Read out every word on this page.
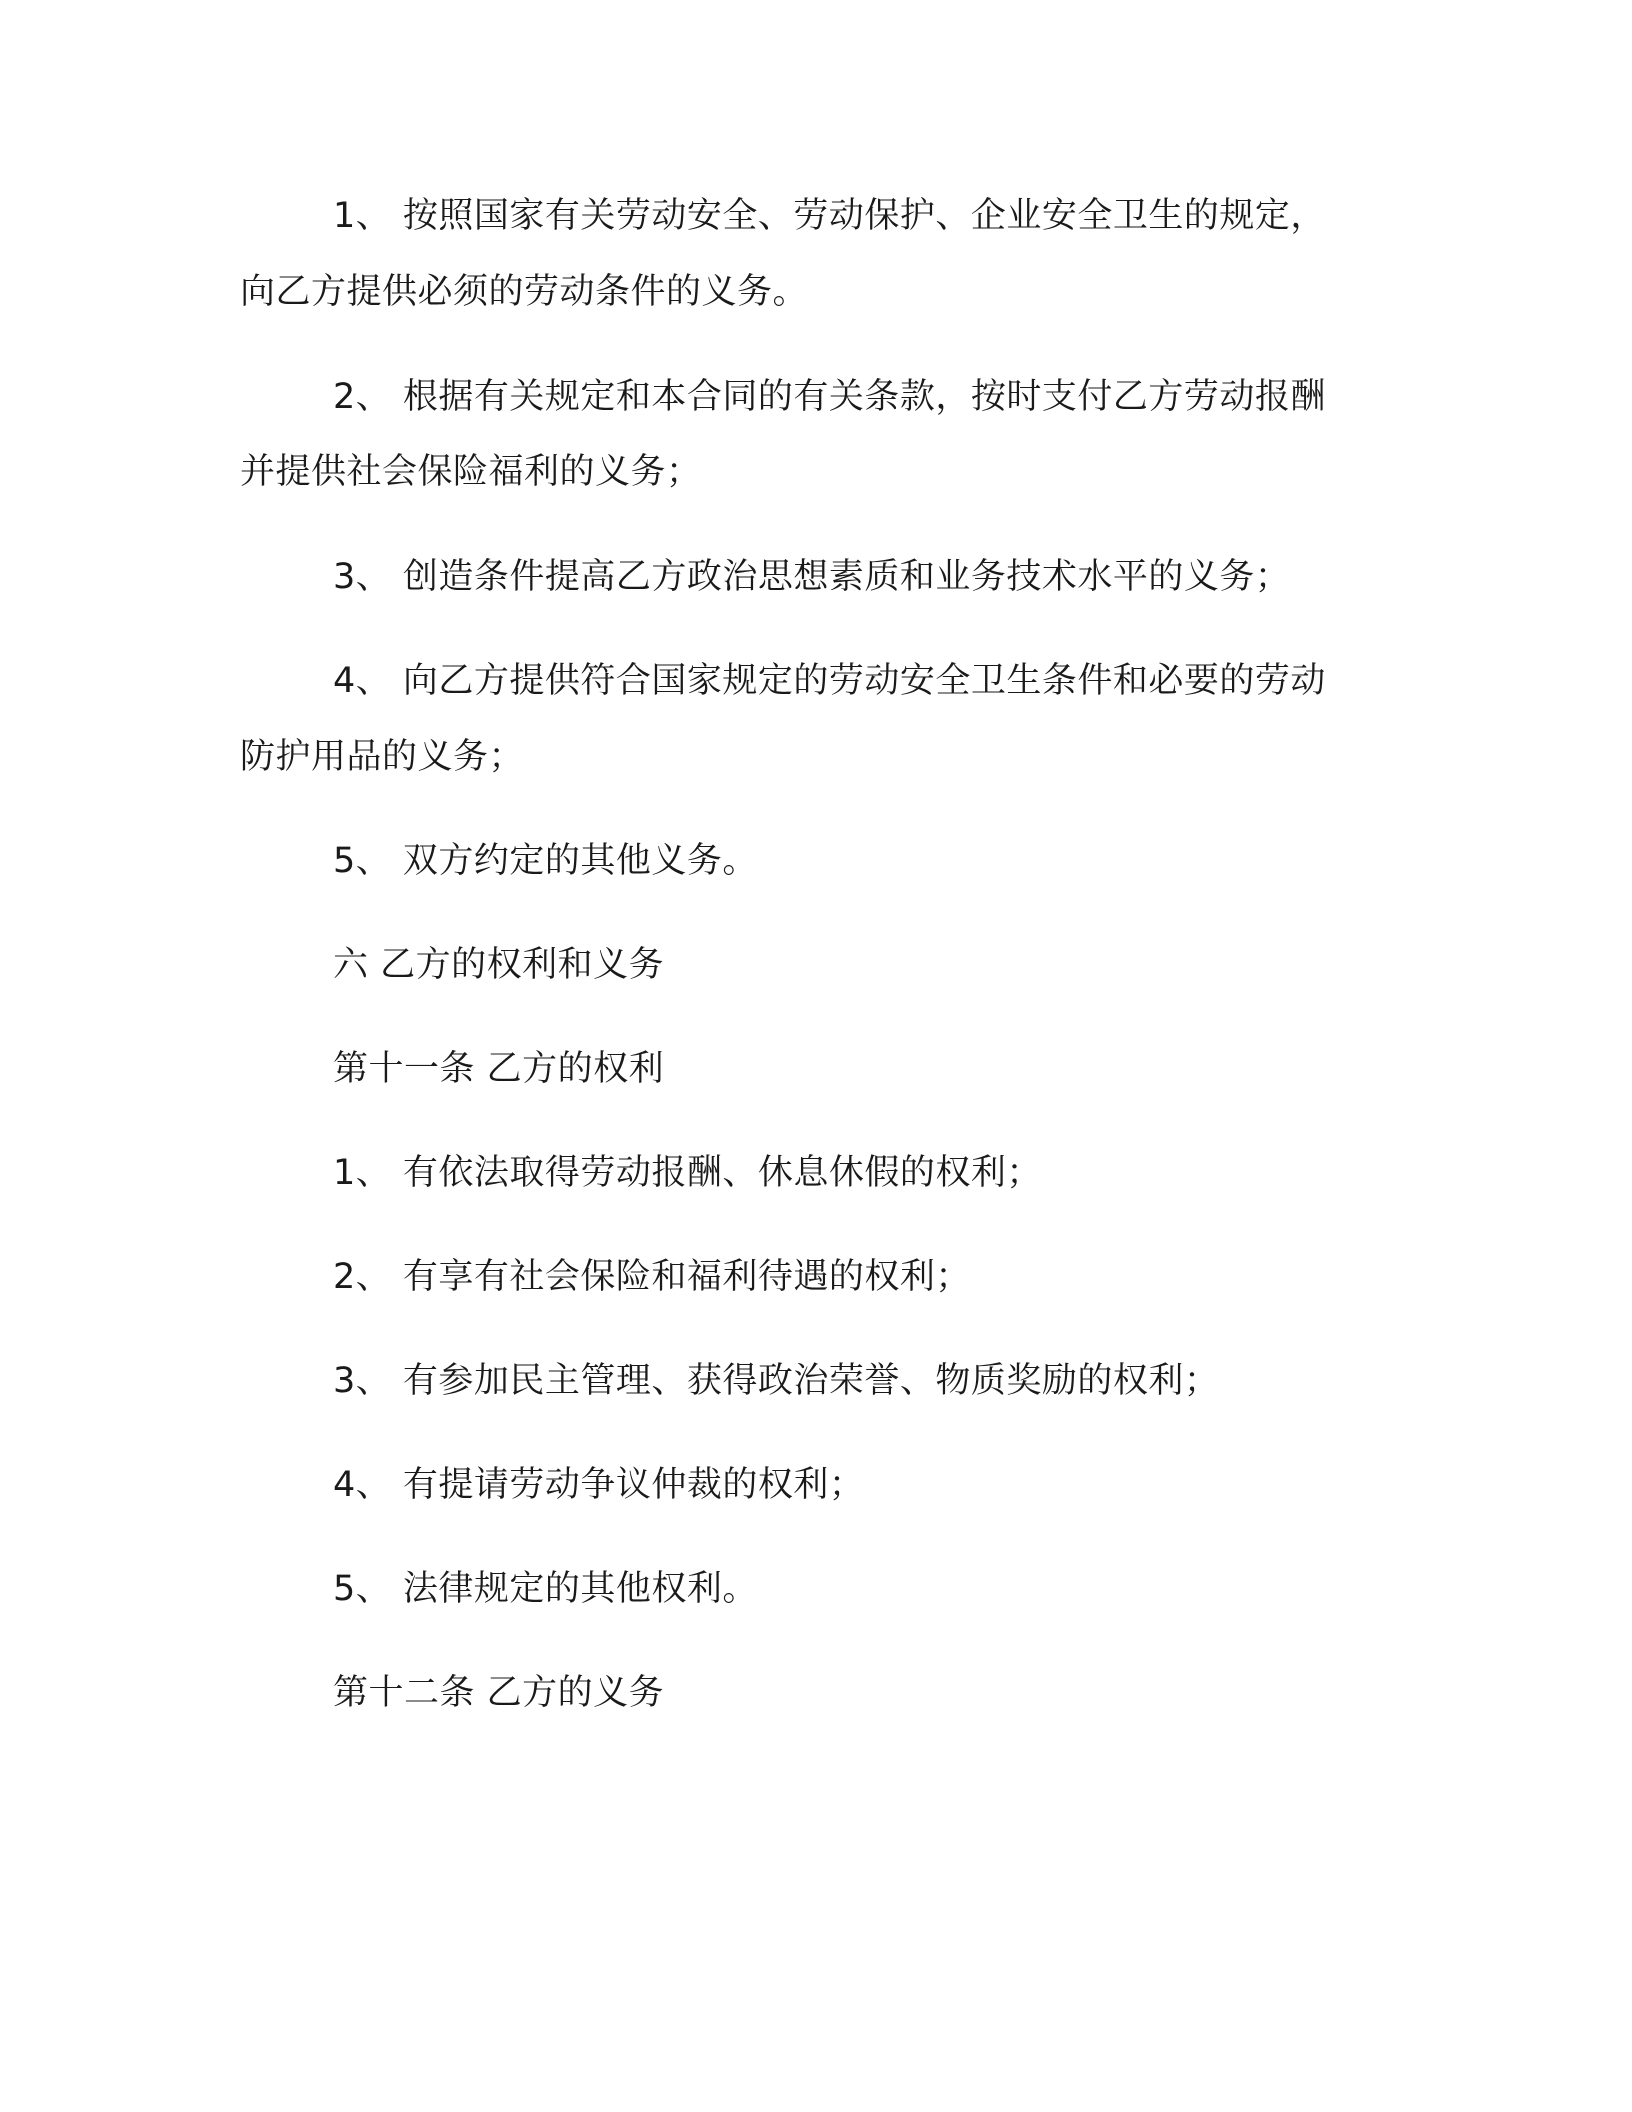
1、 按照国家有关劳动安全、劳动保护、企业安全卫生的规定，
向乙方提供必须的劳动条件的义务。
2、 根据有关规定和本合同的有关条款，按时支付乙方劳动报酬
并提供社会保险福利的义务；
3、 创造条件提高乙方政治思想素质和业务技术水平的义务；
4、 向乙方提供符合国家规定的劳动安全卫生条件和必要的劳动
防护用品的义务；
5、 双方约定的其他义务。
六 乙方的权利和义务
第十一条 乙方的权利
1、 有依法取得劳动报酬、休息休假的权利；
2、 有享有社会保险和福利待遇的权利；
3、 有参加民主管理、获得政治荣誉、物质奖励的权利；
4、 有提请劳动争议仲裁的权利；
5、 法律规定的其他权利。
第十二条 乙方的义务
